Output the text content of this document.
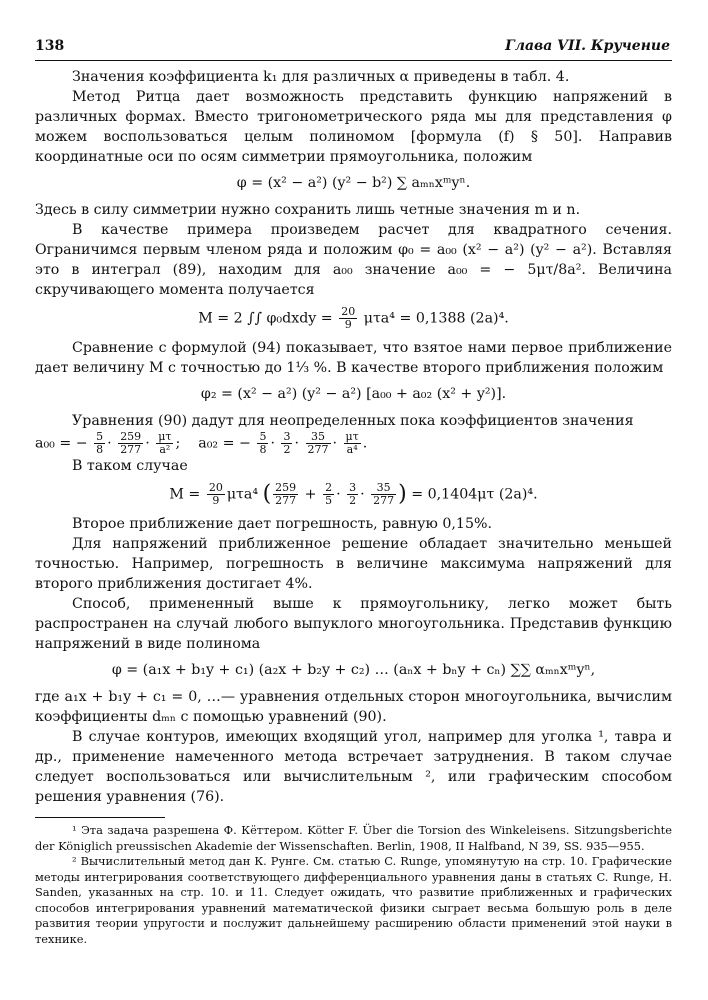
138	Глава VII. Кручение

Значения коэффициента k₁ для различных α приведены в табл. 4.

Метод Ритца дает возможность представить функцию напряжений в различных формах. Вместо тригонометрического ряда мы для представления φ можем воспользоваться целым полиномом [формула (f) § 50]. Направив координатные оси по осям симметрии прямоугольника, положим

φ = (x² − a²) (y² − b²) ∑ aₘₙxᵐyⁿ.

Здесь в силу симметрии нужно сохранить лишь четные значения m и n.

В качестве примера произведем расчет для квадратного сечения. Ограничимся первым членом ряда и положим φ₀ = a₀₀ (x² − a²) (y² − a²). Вставляя это в интеграл (89), находим для a₀₀ значение a₀₀ = − 5μτ/8a². Величина скручивающего момента получается

M = 2 ∫∫ φ₀dxdy = $\frac{20}{9} \mu\tau a^4 = 0,1388$ (2a)⁴.

Сравнение с формулой (94) показывает, что взятое нами первое приближение дает величину M с точностью до 1⅓ %. В качестве второго приближения положим

φ₂ = (x² − a²) (y² − a²) [a₀₀ + a₀₂ (x² + y²)].

Уравнения (90) дадут для неопределенных пока коэффициентов значения

a₀₀ = − $\frac{5}{8} \cdot \frac{259}{277} \cdot \frac{\mu\tau}{\text{a²}}$ ;    a₀₂ = − $\frac{5}{8} \cdot \frac{3}{2} \cdot \frac{35}{277} \cdot \frac{\mu\tau}{\text{a⁴}}$ .

В таком случае

$M = \frac{20}{9} \mu\tau a^4$ ( $\frac{259}{277} + \frac{2}{5} \cdot \frac{3}{2} \cdot \frac{35}{277}$ ) = 0,1404μτ (2a)⁴.

Второе приближение дает погрешность, равную 0,15%.

Для напряжений приближенное решение обладает значительно меньшей точностью. Например, погрешность в величине максимума напряжений для второго приближения достигает 4%.

Способ, примененный выше к прямоугольнику, легко может быть распространен на случай любого выпуклого многоугольника. Представив функцию напряжений в виде полинома

φ = (a₁x + b₁y + c₁) (a₂x + b₂y + c₂) … (aₙx + bₙy + cₙ) ∑∑ αₘₙxᵐyⁿ,

где a₁x + b₁y + c₁ = 0, …— уравнения отдельных сторон многоугольника, вычислим коэффициенты dₘₙ с помощью уравнений (90).

В случае контуров, имеющих входящий угол, например для уголка ¹, тавра и др., применение намеченного метода встречает затруднения. В таком случае следует воспользоваться или вычислительным ², или графическим способом решения уравнения (76).

¹ Эта задача разрешена Ф. Кёттером. Kötter F. Über die Torsion des Winkeleisens. Sitzungsberichte der Königlich preussischen Akademie der Wissenschaften. Berlin, 1908, II Halfband, N 39, SS. 935—955.

² Вычислительный метод дан К. Рунге. См. статью C. Runge, упомянутую на стр. 10. Графические методы интегрирования соответствующего дифференциального уравнения даны в статьях C. Runge, H. Sanden, указанных на стр. 10. и 11. Следует ожидать, что развитие приближенных и графических способов интегрирования уравнений математической физики сыграет весьма большую роль в деле развития теории упругости и послужит дальнейшему расширению области применений этой науки в технике.
